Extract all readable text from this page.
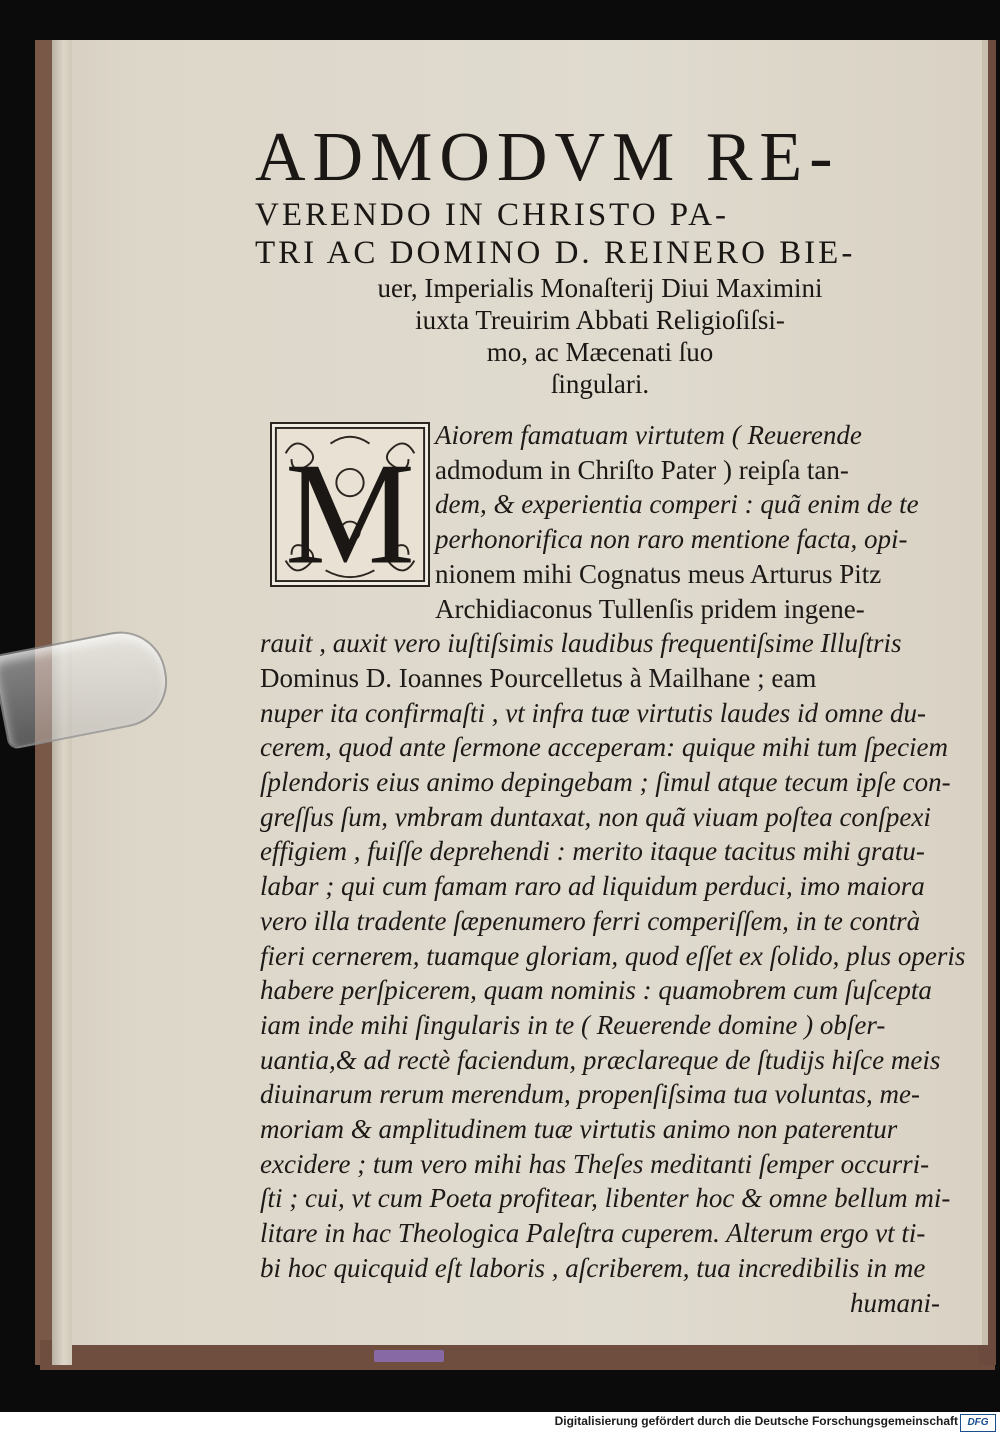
ADMODVM RE-
VERENDO IN CHRISTO PA-
TRI AC DOMINO D. REINERO BIE-
uer, Imperialis Monaſterij Diui Maximini
iuxta Treuirim Abbati Religioſiſsi-
mo, ac Mæcenati ſuo
ſingulari.
Aiorem famatuam virtutem ( Reuerende
admodum in Chriſto Pater ) reipſa tan-
dem, & experientia comperi : quã enim de te
perhonorifica non raro mentione facta, opi-
nionem mihi Cognatus meus Arturus Pitz
Archidiaconus Tullenſis pridem ingene-
rauit , auxit vero iuſtiſsimis laudibus frequentiſsime Illuſtris
Dominus D. Ioannes Pourcelletus à Mailhane ; eam
nuper ita confirmaſti , vt infra tuæ virtutis laudes id omne du-
cerem, quod ante ſermone acceperam: quique mihi tum ſpeciem
ſplendoris eius animo depingebam ; ſimul atque tecum ipſe con-
greſſus ſum, vmbram duntaxat, non quã viuam poſtea conſpexi
effigiem , fuiſſe deprehendi : merito itaque tacitus mihi gratu-
labar ; qui cum famam raro ad liquidum perduci, imo maiora
vero illa tradente ſæpenumero ferri comperiſſem, in te contrà
fieri cernerem, tuamque gloriam, quod eſſet ex ſolido, plus operis
habere perſpicerem, quam nominis : quamobrem cum ſuſcepta
iam inde mihi ſingularis in te ( Reuerende domine ) obſer-
uantia,& ad rectè faciendum, præclareque de ſtudijs hiſce meis
diuinarum rerum merendum, propenſiſsima tua voluntas, me-
moriam & amplitudinem tuæ virtutis animo non paterentur
excidere ; tum vero mihi has Theſes meditanti ſemper occurri-
ſti ; cui, vt cum Poeta profitear, libenter hoc & omne bellum mi-
litare in hac Theologica Paleſtra cuperem. Alterum ergo vt ti-
bi hoc quicquid eſt laboris , aſcriberem, tua incredibilis in me
humani-
M
Digitalisierung gefördert durch die Deutsche Forschungsgemeinschaft DFG
